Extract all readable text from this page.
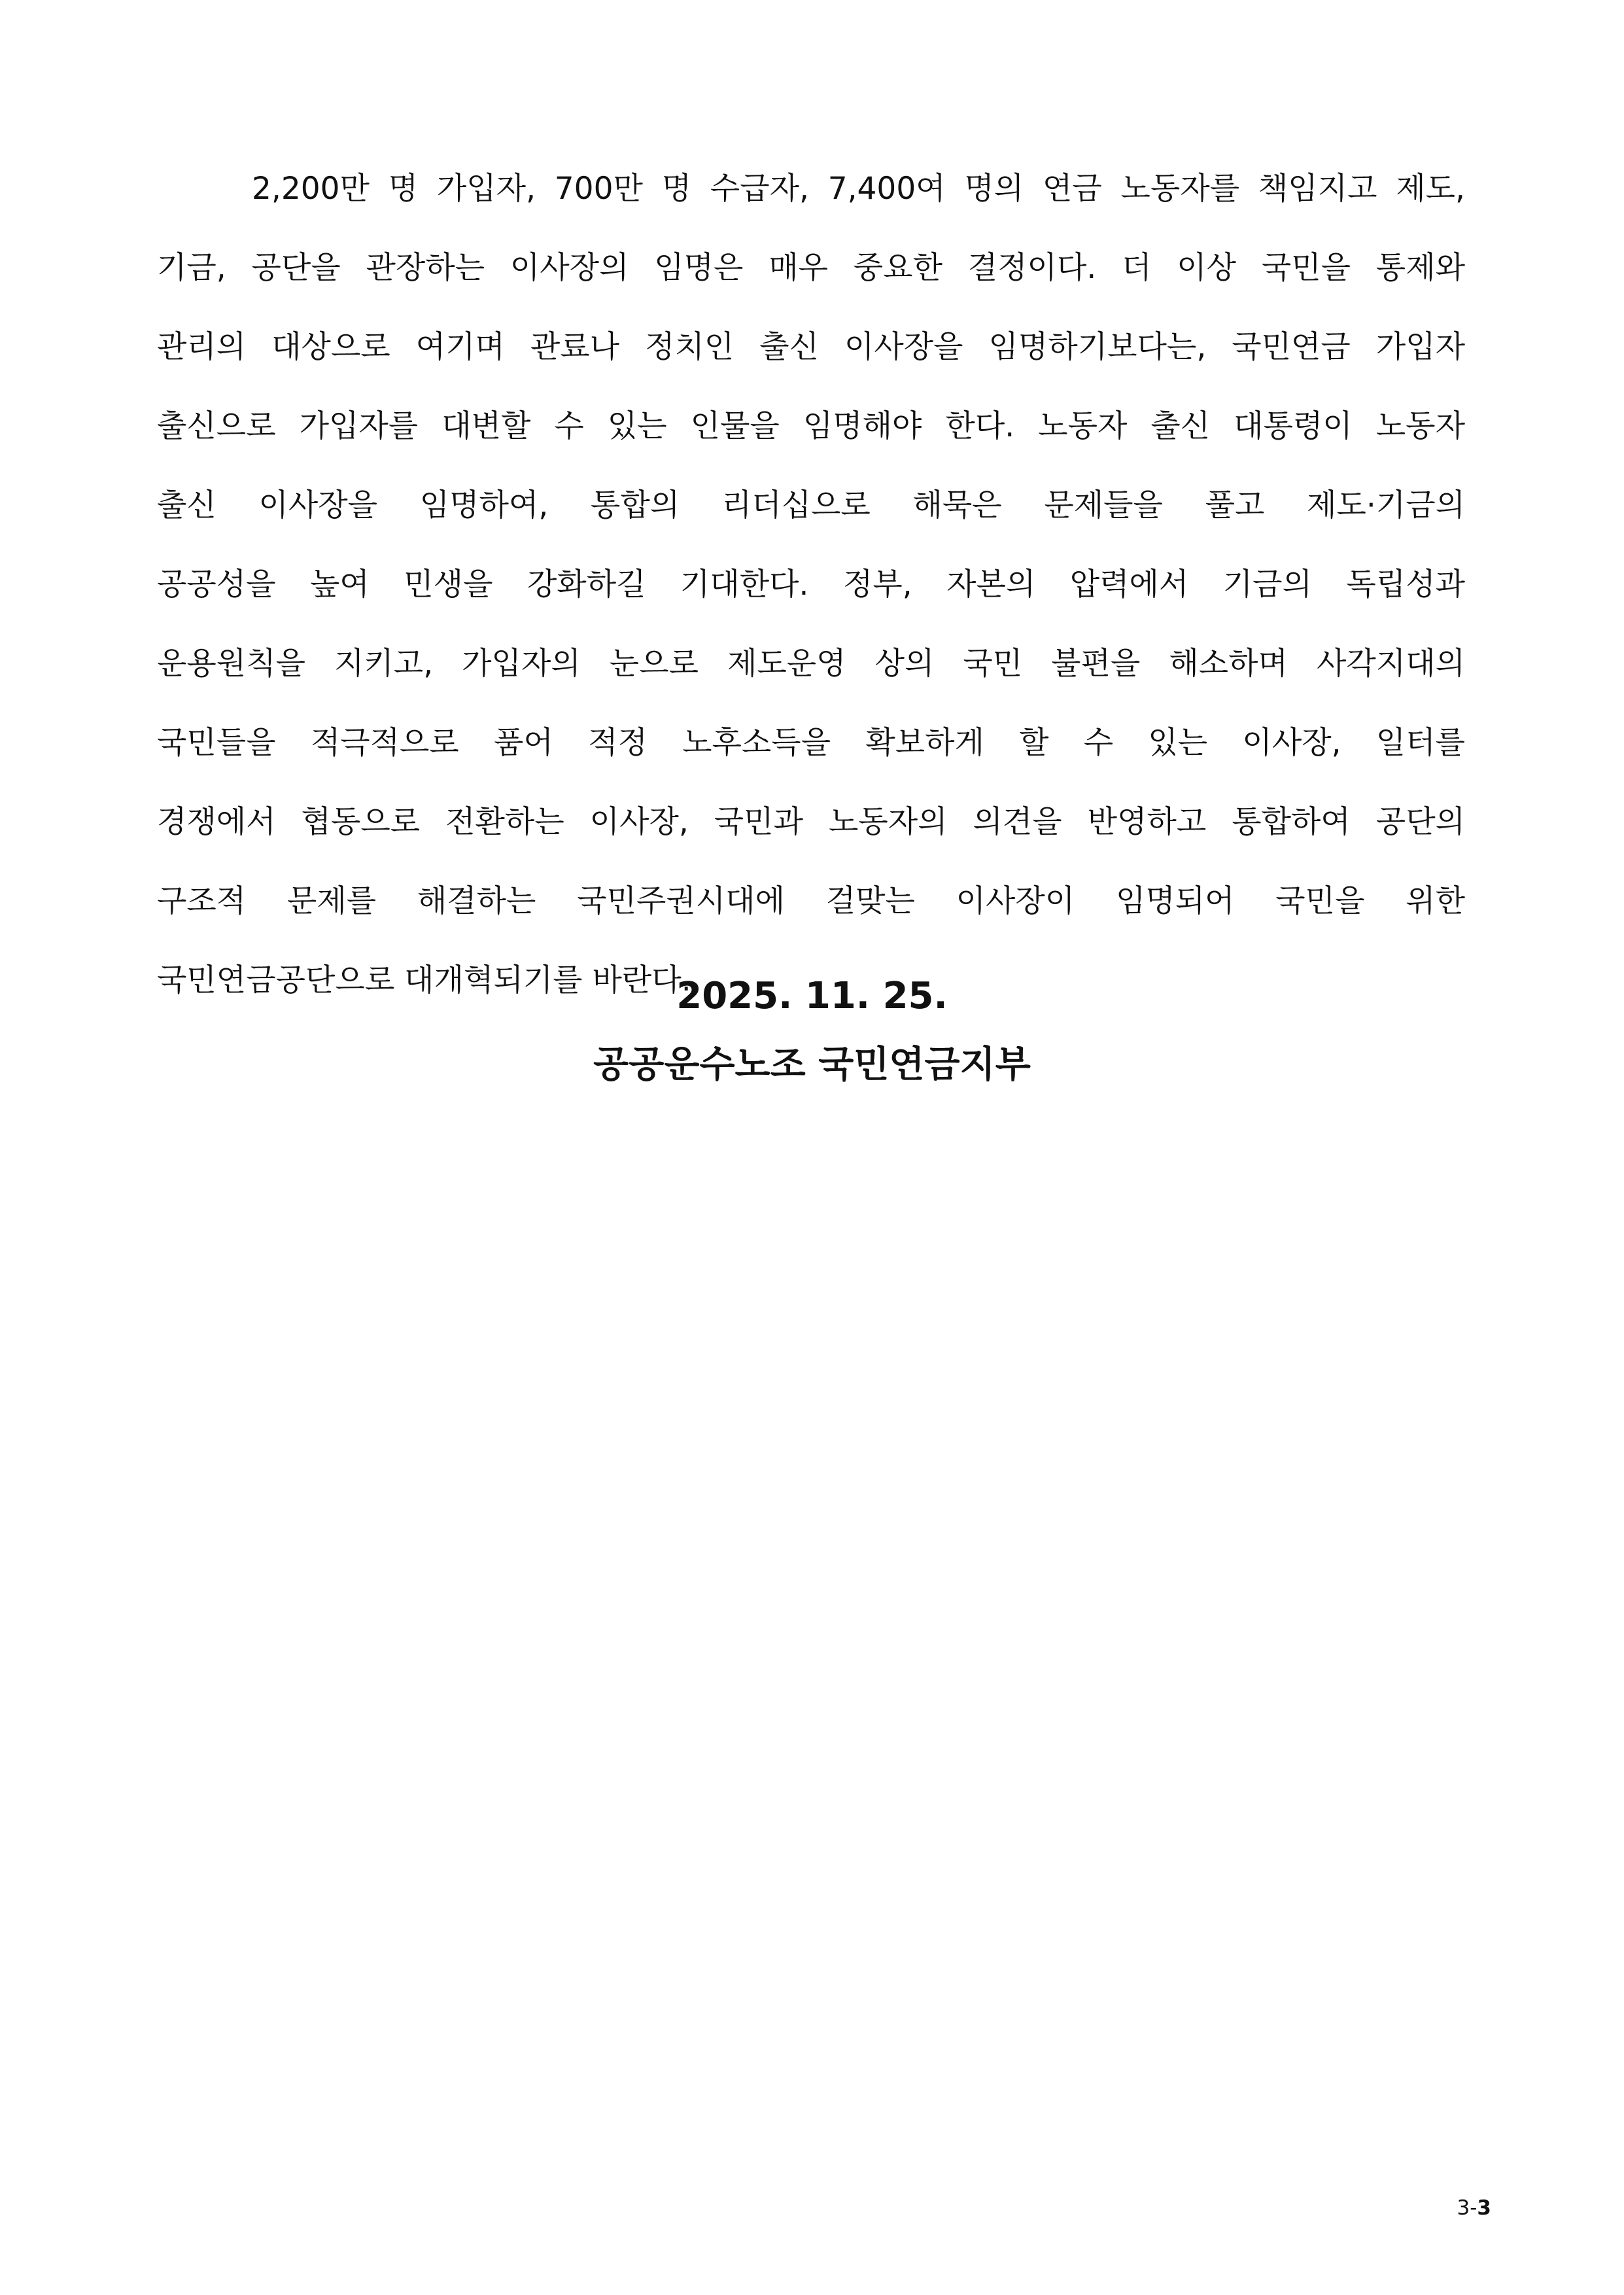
2,200만 명 가입자, 700만 명 수급자, 7,400여 명의 연금 노동자를 책임지고 제도,
기금, 공단을 관장하는 이사장의 임명은 매우 중요한 결정이다. 더 이상 국민을 통제와
관리의 대상으로 여기며 관료나 정치인 출신 이사장을 임명하기보다는, 국민연금 가입자
출신으로 가입자를 대변할 수 있는 인물을 임명해야 한다. 노동자 출신 대통령이 노동자
출신 이사장을 임명하여, 통합의 리더십으로 해묵은 문제들을 풀고 제도·기금의
공공성을 높여 민생을 강화하길 기대한다. 정부, 자본의 압력에서 기금의 독립성과
운용원칙을 지키고, 가입자의 눈으로 제도운영 상의 국민 불편을 해소하며 사각지대의
국민들을 적극적으로 품어 적정 노후소득을 확보하게 할 수 있는 이사장, 일터를
경쟁에서 협동으로 전환하는 이사장, 국민과 노동자의 의견을 반영하고 통합하여 공단의
구조적 문제를 해결하는 국민주권시대에 걸맞는 이사장이 임명되어 국민을 위한
국민연금공단으로 대개혁되기를 바란다.

2025. 11. 25.

공공운수노조 국민연금지부

3-3
